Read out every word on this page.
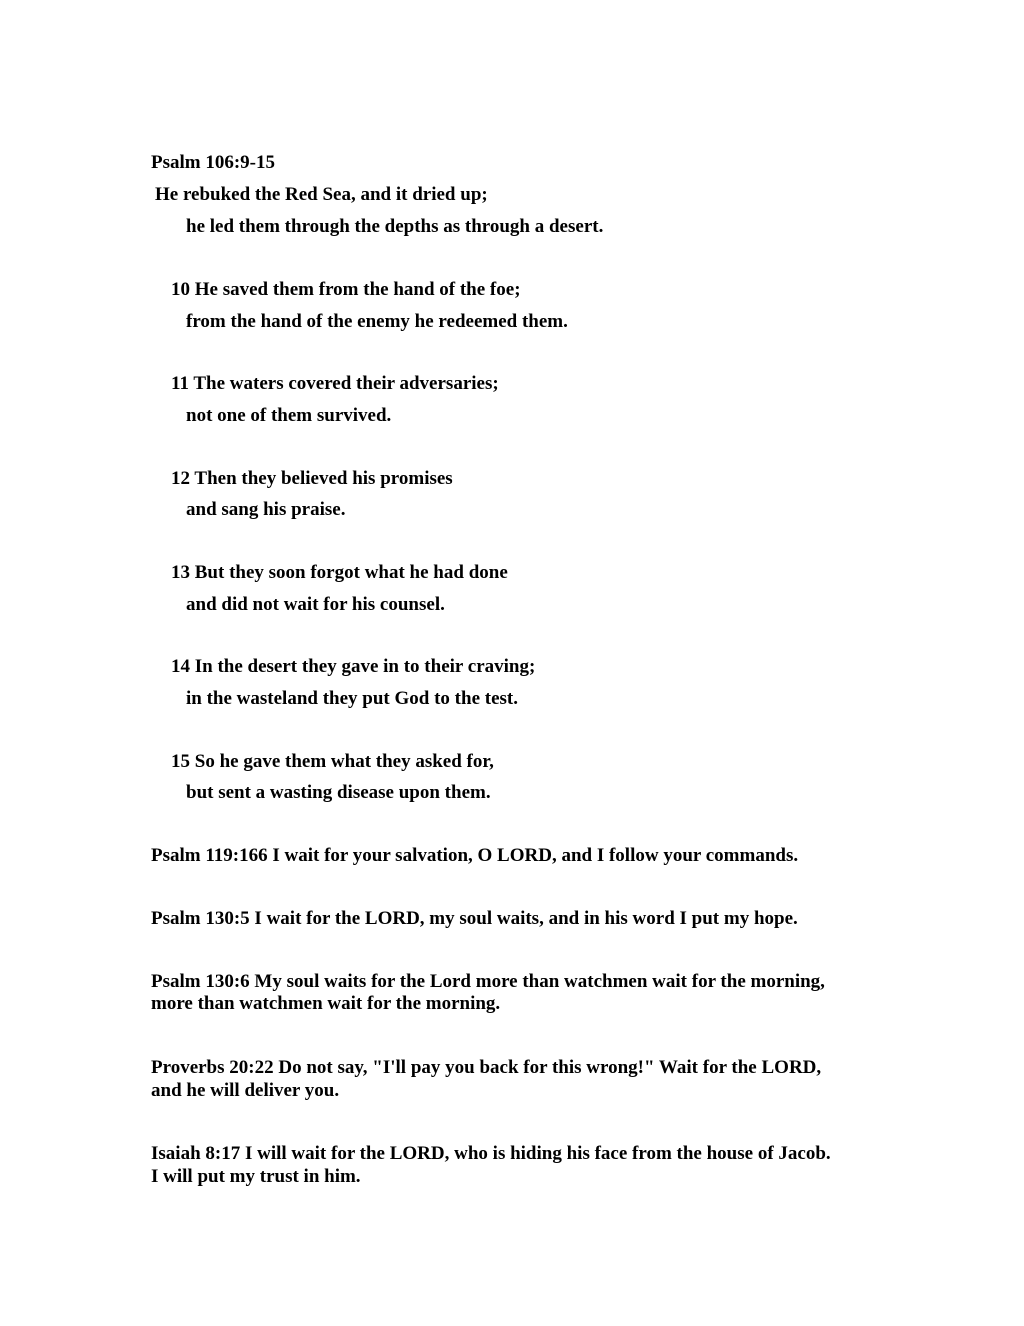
Psalm 106:9-15
He rebuked the Red Sea, and it dried up;
he led them through the depths as through a desert.
10 He saved them from the hand of the foe;
from the hand of the enemy he redeemed them.
11 The waters covered their adversaries;
not one of them survived.
12 Then they believed his promises
and sang his praise.
13 But they soon forgot what he had done
and did not wait for his counsel.
14 In the desert they gave in to their craving;
in the wasteland they put God to the test.
15 So he gave them what they asked for,
but sent a wasting disease upon them.
Psalm 119:166 I wait for your salvation, O LORD, and I follow your commands.
Psalm 130:5 I wait for the LORD, my soul waits, and in his word I put my hope.
Psalm 130:6 My soul waits for the Lord more than watchmen wait for the morning,
more than watchmen wait for the morning.
Proverbs 20:22 Do not say, "I'll pay you back for this wrong!" Wait for the LORD,
and he will deliver you.
Isaiah 8:17 I will wait for the LORD, who is hiding his face from the house of Jacob.
I will put my trust in him.
